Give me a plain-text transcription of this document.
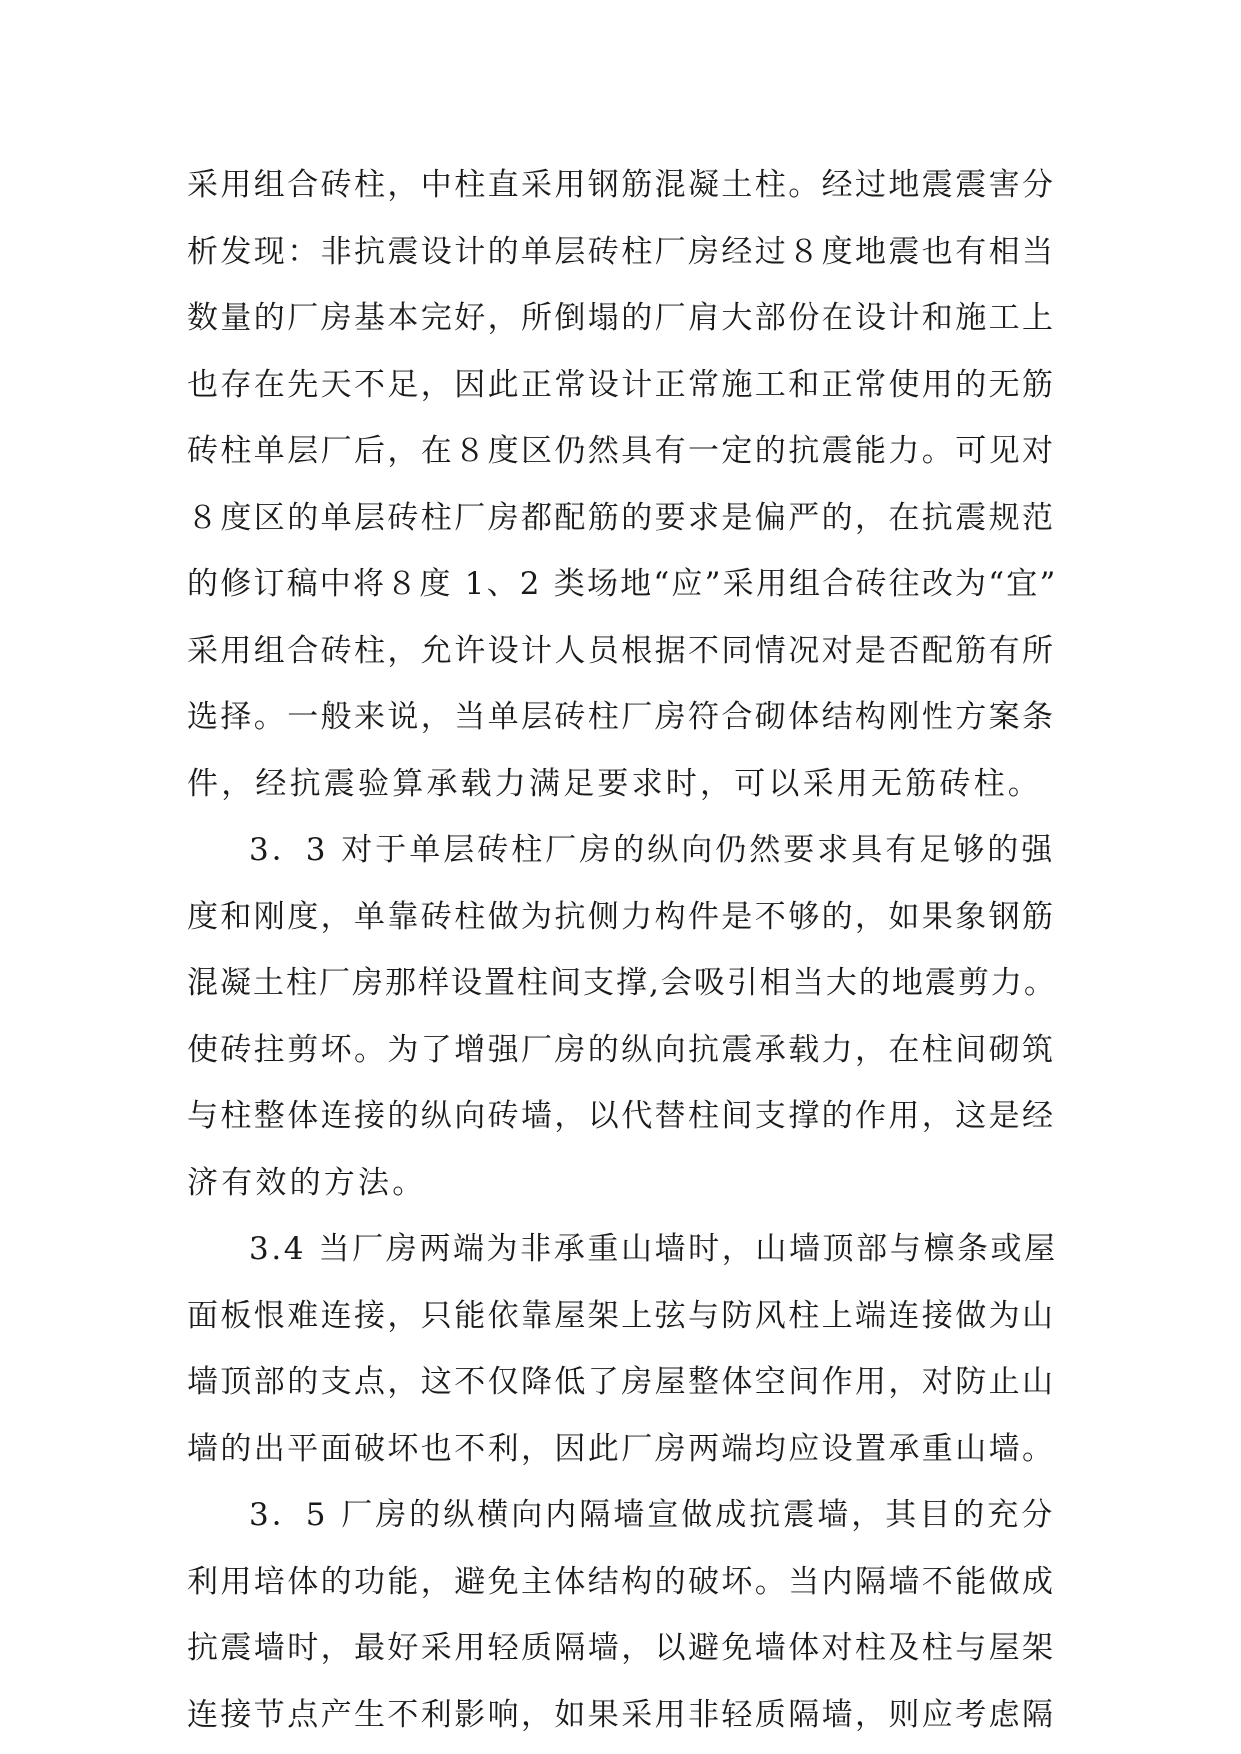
采用组合砖柱，中柱直采用钢筋混凝土柱。经过地震震害分
析发现：非抗震设计的单层砖柱厂房经过８度地震也有相当
数量的厂房基本完好，所倒塌的厂肩大部份在设计和施工上
也存在先天不足，因此正常设计正常施工和正常使用的无筋
砖柱单层厂后，在８度区仍然具有一定的抗震能力。可见对
８度区的单层砖柱厂房都配筋的要求是偏严的，在抗震规范
的修订稿中将８度 1、2 类场地“应”采用组合砖往改为“宜”
采用组合砖柱，允许设计人员根据不同情况对是否配筋有所
选择。一般来说，当单层砖柱厂房符合砌体结构刚性方案条
件，经抗震验算承载力满足要求时，可以采用无筋砖柱。
3．3 对于单层砖柱厂房的纵向仍然要求具有足够的强
度和刚度，单靠砖柱做为抗侧力构件是不够的，如果象钢筋
混凝土柱厂房那样设置柱间支撑,会吸引相当大的地震剪力。
使砖拄剪坏。为了增强厂房的纵向抗震承载力，在柱间砌筑
与柱整体连接的纵向砖墙，以代替柱间支撑的作用，这是经
济有效的方法。
3.4 当厂房两端为非承重山墙时，山墙顶部与檩条或屋
面板恨难连接，只能依靠屋架上弦与防风柱上端连接做为山
墙顶部的支点，这不仅降低了房屋整体空间作用，对防止山
墙的出平面破坏也不利，因此厂房两端均应设置承重山墙。
3．5 厂房的纵横向内隔墙宣做成抗震墙，其目的充分
利用培体的功能，避免主体结构的破坏。当内隔墙不能做成
抗震墙时，最好采用轻质隔墙，以避免墙体对柱及柱与屋架
连接节点产生不利影响，如果采用非轻质隔墙，则应考虑隔
